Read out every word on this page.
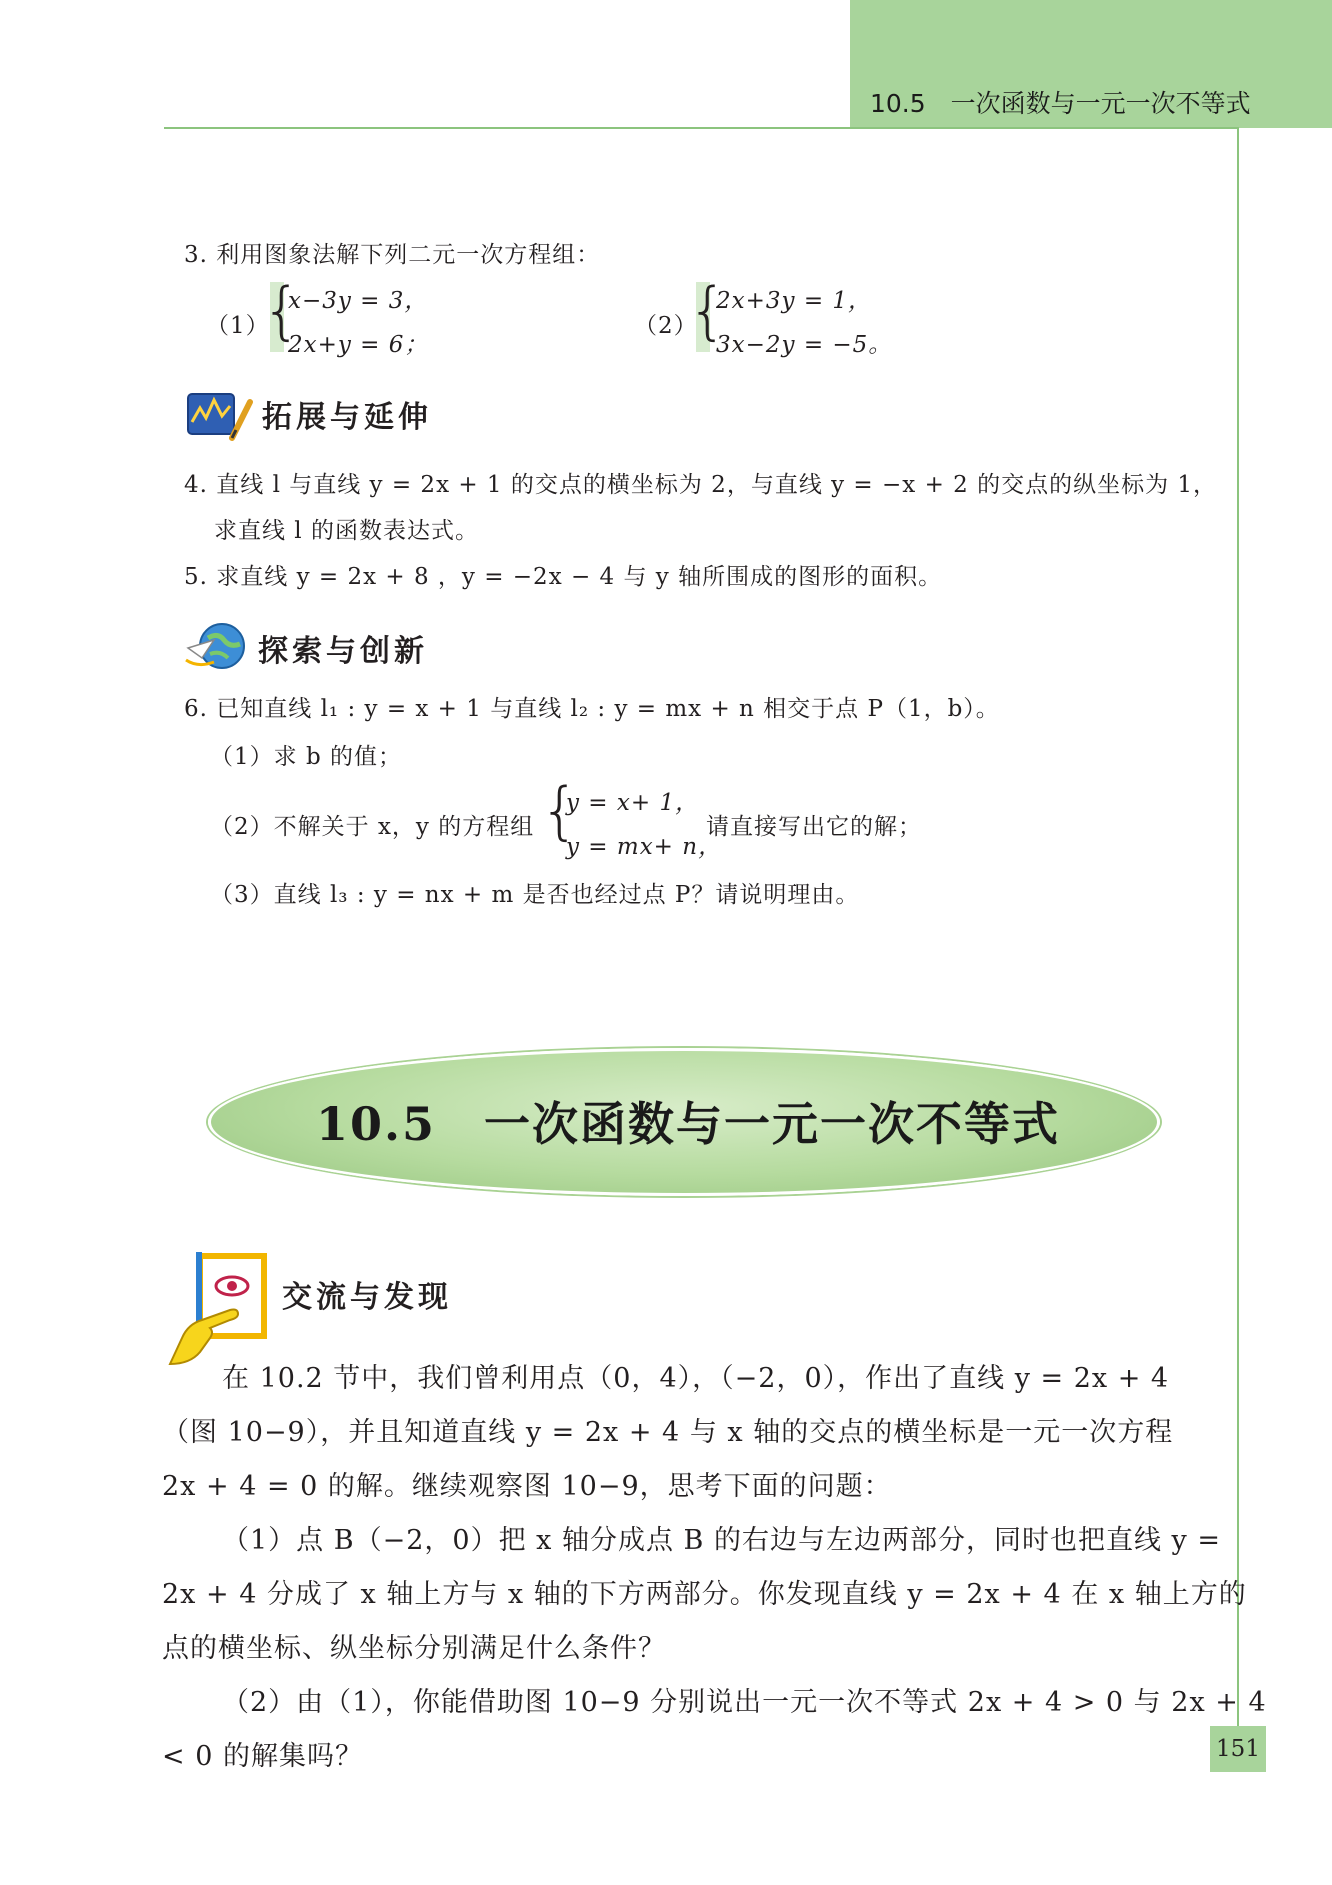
10.5　一次函数与一元一次不等式
3. 利用图象法解下列二元一次方程组：
（1）
{
x−3y = 3，
2x+y = 6；
（2）
{
2x+3y = 1，
3x−2y = −5。
拓展与延伸
4. 直线 l 与直线 y = 2x + 1 的交点的横坐标为 2，与直线 y = −x + 2 的交点的纵坐标为 1，
求直线 l 的函数表达式。
5. 求直线 y = 2x + 8 ，y = −2x − 4 与 y 轴所围成的图形的面积。
探索与创新
6. 已知直线 l₁ : y = x + 1 与直线 l₂ : y = mx + n 相交于点 P（1，b）。
（1）求 b 的值；
（2）不解关于 x，y 的方程组 {
y = x+ 1，
y = mx+ n，
请直接写出它的解；
（3）直线 l₃ : y = nx + m 是否也经过点 P？请说明理由。
10.5　一次函数与一元一次不等式
交流与发现
在 10.2 节中，我们曾利用点（0，4），（−2，0），作出了直线 y = 2x + 4
（图 10−9），并且知道直线 y = 2x + 4 与 x 轴的交点的横坐标是一元一次方程
2x + 4 = 0 的解。继续观察图 10−9，思考下面的问题：
（1）点 B（−2，0）把 x 轴分成点 B 的右边与左边两部分，同时也把直线 y =
2x + 4 分成了 x 轴上方与 x 轴的下方两部分。你发现直线 y = 2x + 4 在 x 轴上方的
点的横坐标、纵坐标分别满足什么条件？
（2）由（1），你能借助图 10−9 分别说出一元一次不等式 2x + 4 > 0 与 2x + 4
< 0 的解集吗？	151
